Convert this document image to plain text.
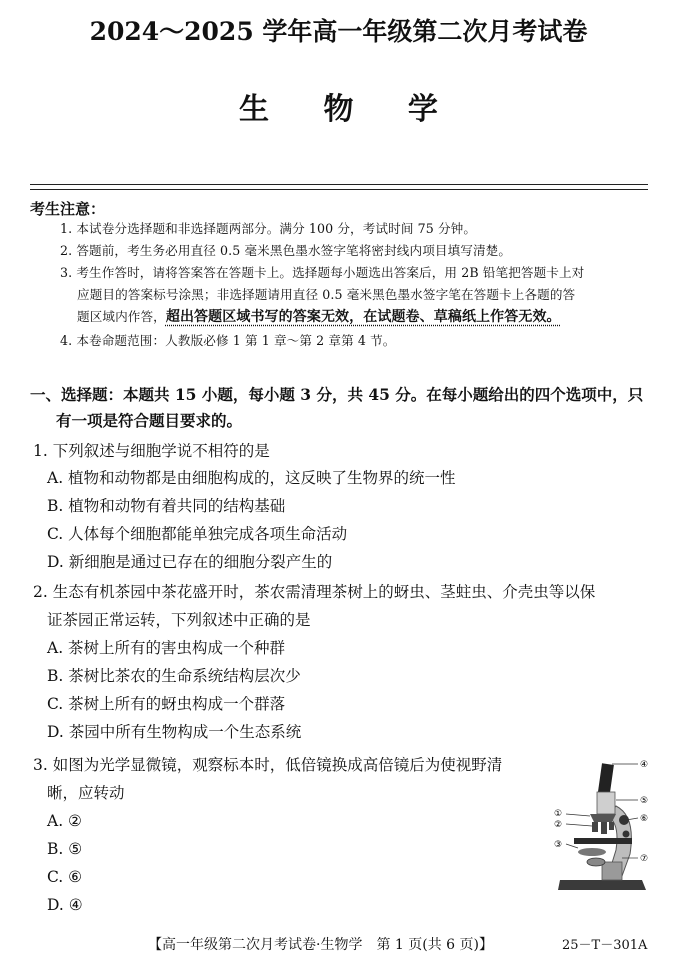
2024～2025 学年高一年级第二次月考试卷
生 物 学
考生注意：
1. 本试卷分选择题和非选择题两部分。满分 100 分，考试时间 75 分钟。
2. 答题前，考生务必用直径 0.5 毫米黑色墨水签字笔将密封线内项目填写清楚。
3. 考生作答时，请将答案答在答题卡上。选择题每小题选出答案后，用 2B 铅笔把答题卡上对
应题目的答案标号涂黑；非选择题请用直径 0.5 毫米黑色墨水签字笔在答题卡上各题的答
题区域内作答，超出答题区域书写的答案无效，在试题卷、草稿纸上作答无效。
4. 本卷命题范围：人教版必修 1 第 1 章～第 2 章第 4 节。
一、选择题：本题共 15 小题，每小题 3 分，共 45 分。在每小题给出的四个选项中，只
有一项是符合题目要求的。
1. 下列叙述与细胞学说不相符的是
A. 植物和动物都是由细胞构成的，这反映了生物界的统一性
B. 植物和动物有着共同的结构基础
C. 人体每个细胞都能单独完成各项生命活动
D. 新细胞是通过已存在的细胞分裂产生的
2. 生态有机茶园中茶花盛开时，茶农需清理茶树上的蚜虫、茎蛀虫、介壳虫等以保
证茶园正常运转，下列叙述中正确的是
A. 茶树上所有的害虫构成一个种群
B. 茶树比茶农的生命系统结构层次少
C. 茶树上所有的蚜虫构成一个群落
D. 茶园中所有生物构成一个生态系统
3. 如图为光学显微镜，观察标本时，低倍镜换成高倍镜后为使视野清
晰，应转动
A. ②
B. ⑤
C. ⑥
D. ④
④
⑤
⑥
①
②
③
⑦
【高一年级第二次月考试卷·生物学　第 1 页(共 6 页)】	25－T－301A
